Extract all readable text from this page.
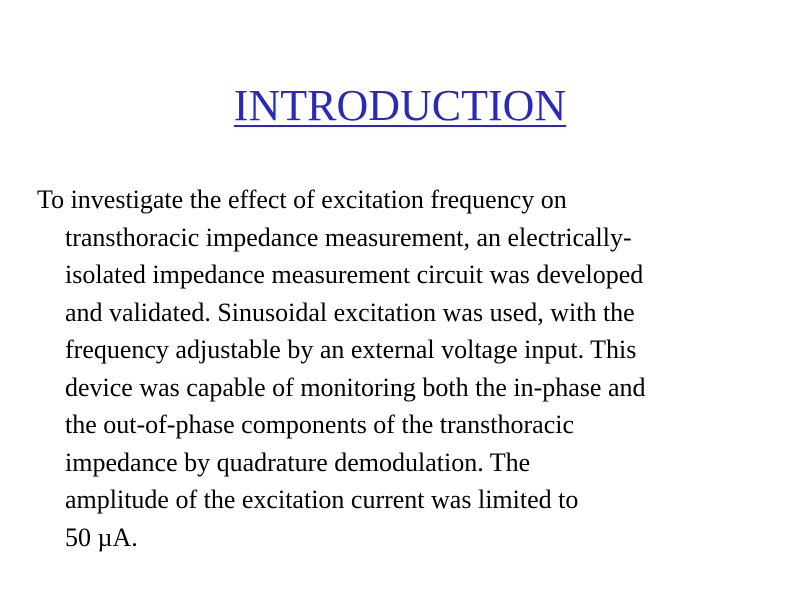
INTRODUCTION

To investigate the effect of excitation frequency on
transthoracic impedance measurement, an electrically-
isolated impedance measurement circuit was developed
and validated. Sinusoidal excitation was used, with the
frequency adjustable by an external voltage input. This
device was capable of monitoring both the in-phase and
the out-of-phase components of the transthoracic
impedance by quadrature demodulation. The
amplitude of the excitation current was limited to
50 µA.
